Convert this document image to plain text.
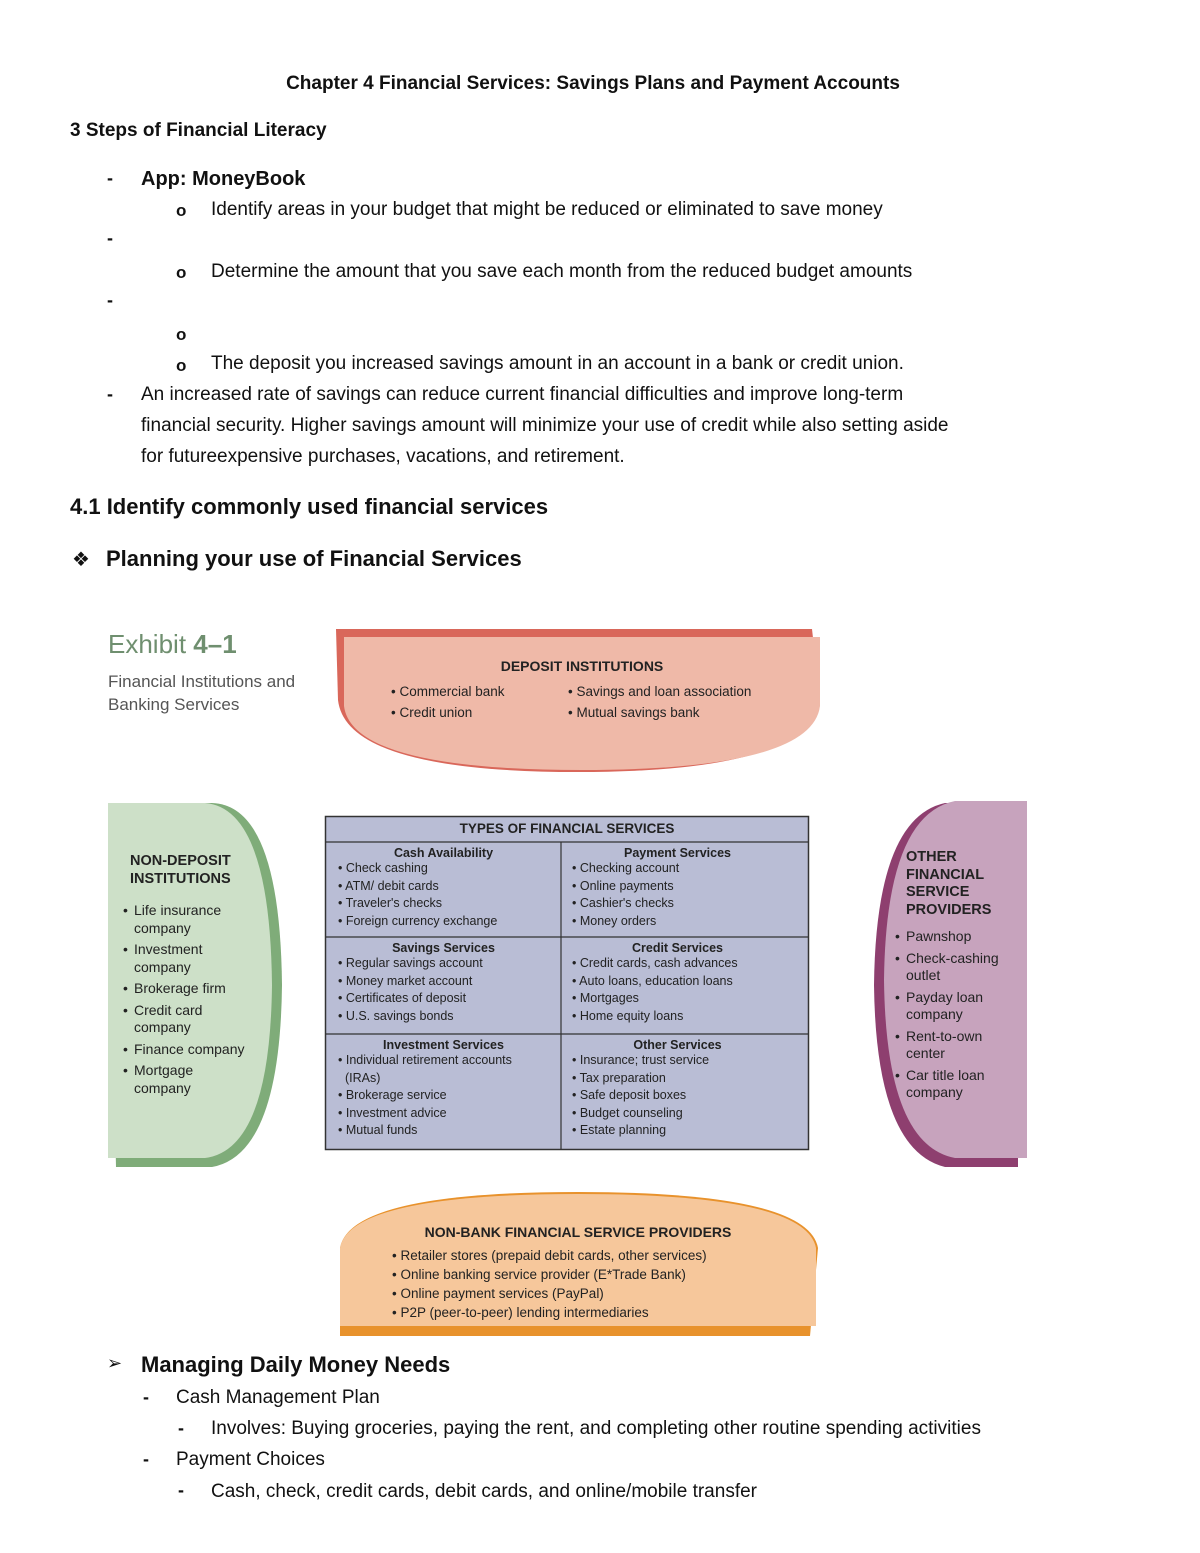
Chapter 4 Financial Services: Savings Plans and Payment Accounts
3 Steps of Financial Literacy
- App: MoneyBook
o Identify areas in your budget that might be reduced or eliminated to save money
-
o Determine the amount that you save each month from the reduced budget amounts
-
o
o The deposit you increased savings amount in an account in a bank or credit union.
- An increased rate of savings can reduce current financial difficulties and improve long-term
financial security. Higher savings amount will minimize your use of credit while also setting aside
for futureexpensive purchases, vacations, and retirement.
4.1 Identify commonly used financial services
❖ Planning your use of Financial Services
Exhibit 4–1
Financial Institutions and Banking Services
DEPOSIT INSTITUTIONS
• Commercial bank
• Credit union
• Savings and loan association
• Mutual savings bank
NON-DEPOSIT INSTITUTIONS
• Life insurance company
• Investment company
• Brokerage firm
• Credit card company
• Finance company
• Mortgage company
OTHER FINANCIAL SERVICE PROVIDERS
• Pawnshop
• Check-cashing outlet
• Payday loan company
• Rent-to-own center
• Car title loan company
TYPES OF FINANCIAL SERVICES
Cash Availability
• Check cashing
• ATM/ debit cards
• Traveler's checks
• Foreign currency exchange
Payment Services
• Checking account
• Online payments
• Cashier's checks
• Money orders
Savings Services
• Regular savings account
• Money market account
• Certificates of deposit
• U.S. savings bonds
Credit Services
• Credit cards, cash advances
• Auto loans, education loans
• Mortgages
• Home equity loans
Investment Services
• Individual retirement accounts
(IRAs)
• Brokerage service
• Investment advice
• Mutual funds
Other Services
• Insurance; trust service
• Tax preparation
• Safe deposit boxes
• Budget counseling
• Estate planning
NON-BANK FINANCIAL SERVICE PROVIDERS
• Retailer stores (prepaid debit cards, other services)
• Online banking service provider (E*Trade Bank)
• Online payment services (PayPal)
• P2P (peer-to-peer) lending intermediaries
➢ Managing Daily Money Needs
- Cash Management Plan
- Involves: Buying groceries, paying the rent, and completing other routine spending activities
- Payment Choices
- Cash, check, credit cards, debit cards, and online/mobile transfer
